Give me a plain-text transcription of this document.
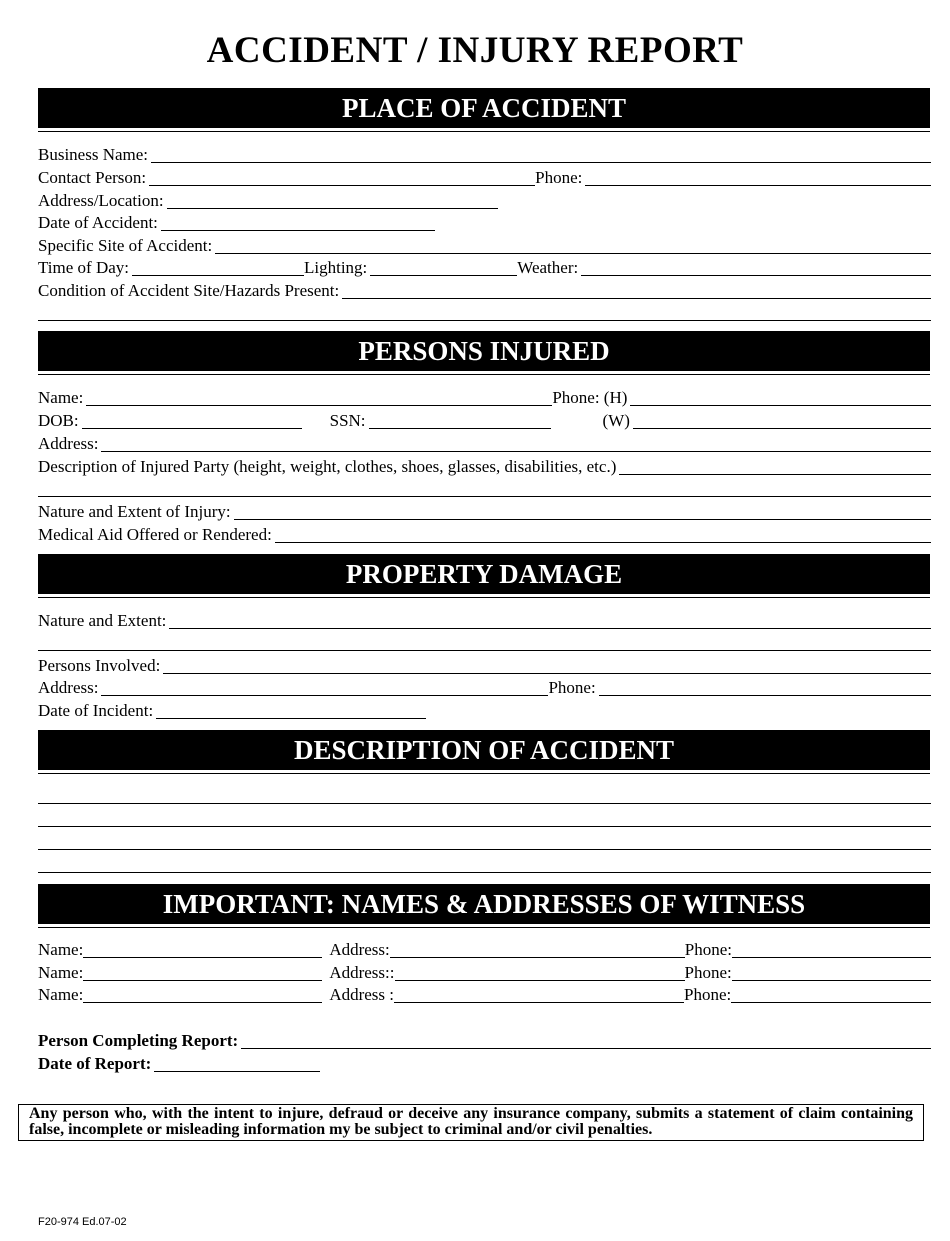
ACCIDENT / INJURY REPORT
PLACE OF ACCIDENT
Business Name:
Contact Person:	Phone:
Address/Location:
Date of Accident:
Specific Site of Accident:
Time of Day:	Lighting:	Weather:
Condition of Accident Site/Hazards Present:
PERSONS INJURED
Name:	Phone: (H)
DOB:	SSN:	(W)
Address:
Description of Injured Party (height, weight, clothes, shoes, glasses, disabilities, etc.)
Nature and Extent of Injury:
Medical Aid Offered or Rendered:
PROPERTY DAMAGE
Nature and Extent:
Persons Involved:
Address:	Phone:
Date of Incident:
DESCRIPTION OF ACCIDENT
IMPORTANT: NAMES & ADDRESSES OF WITNESS
Name:	Address:	Phone:
Name:	Address::	Phone:
Name:	Address :	Phone:
Person Completing Report:
Date of Report:
Any person who, with the intent to injure, defraud or deceive any insurance company, submits a statement of claim containing false, incomplete or misleading information my be subject to criminal and/or civil penalties.
F20-974 Ed.07-02
